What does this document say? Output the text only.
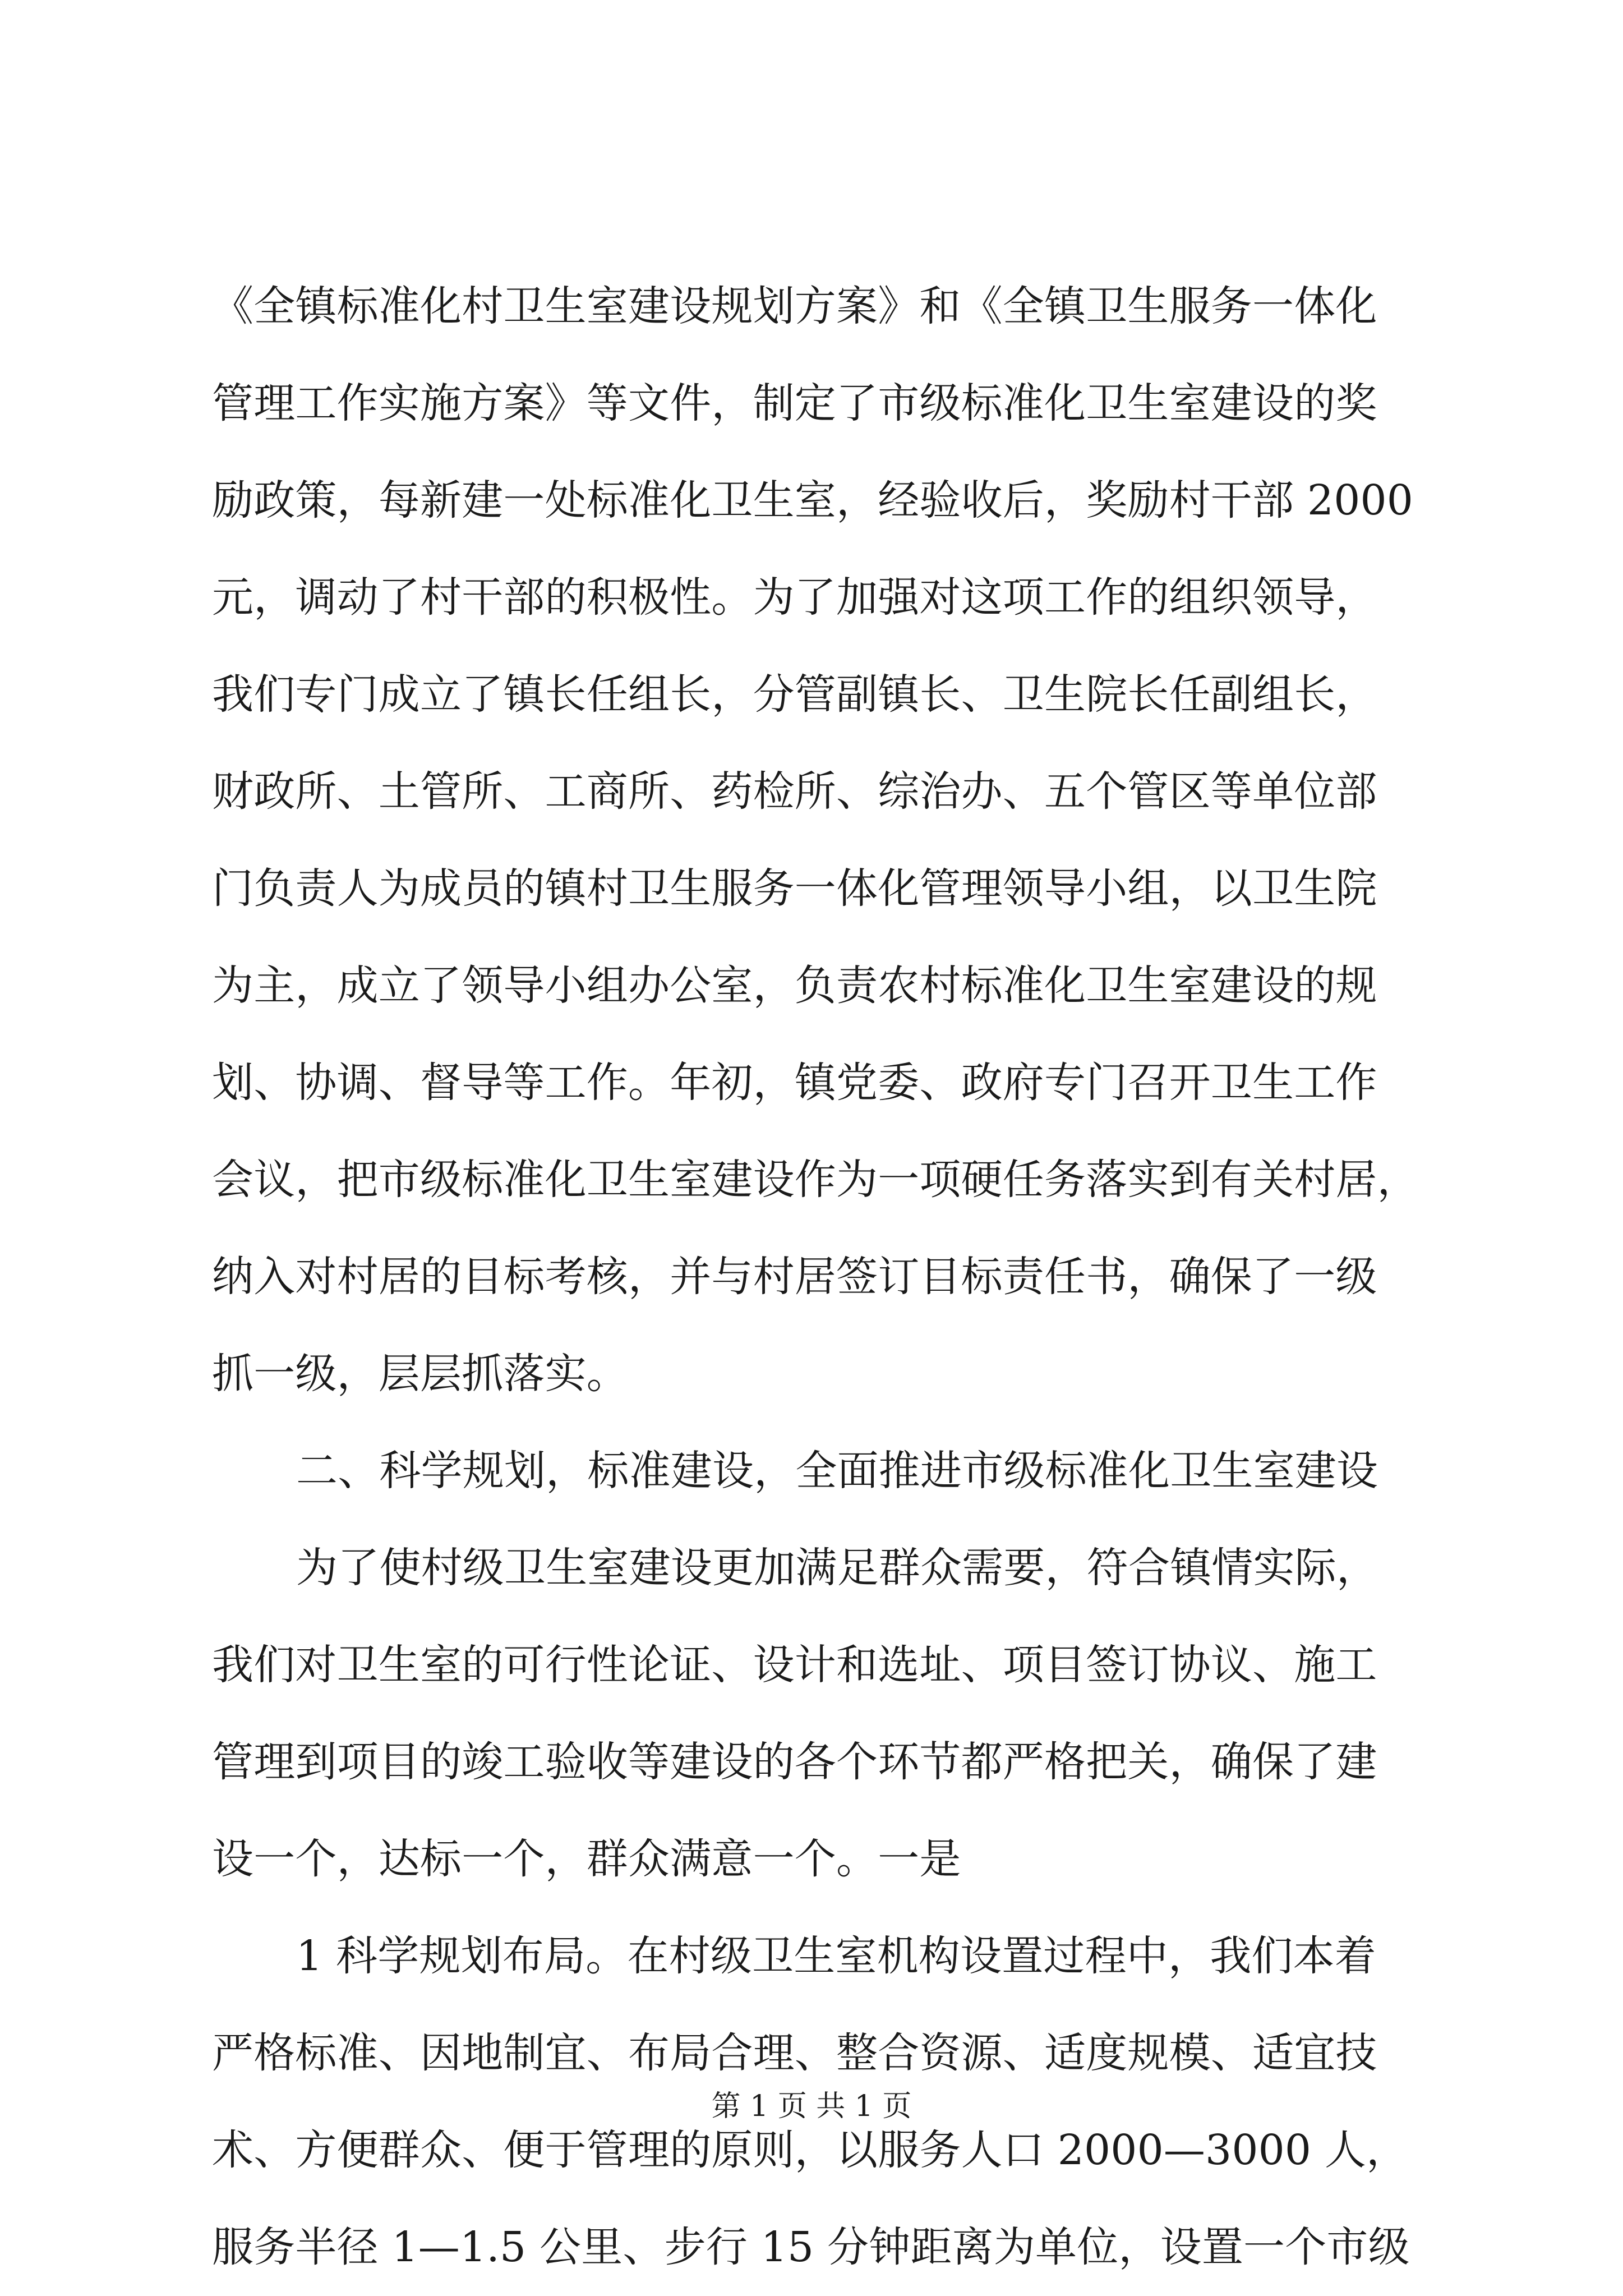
《全镇标准化村卫生室建设规划方案》和《全镇卫生服务一体化
管理工作实施方案》等文件，制定了市级标准化卫生室建设的奖
励政策，每新建一处标准化卫生室，经验收后，奖励村干部 2000
元，调动了村干部的积极性。为了加强对这项工作的组织领导，
我们专门成立了镇长任组长，分管副镇长、卫生院长任副组长，
财政所、土管所、工商所、药检所、综治办、五个管区等单位部
门负责人为成员的镇村卫生服务一体化管理领导小组，以卫生院
为主，成立了领导小组办公室，负责农村标准化卫生室建设的规
划、协调、督导等工作。年初，镇党委、政府专门召开卫生工作
会议，把市级标准化卫生室建设作为一项硬任务落实到有关村居，
纳入对村居的目标考核，并与村居签订目标责任书，确保了一级
抓一级，层层抓落实。
二、科学规划，标准建设，全面推进市级标准化卫生室建设
为了使村级卫生室建设更加满足群众需要，符合镇情实际，
我们对卫生室的可行性论证、设计和选址、项目签订协议、施工
管理到项目的竣工验收等建设的各个环节都严格把关，确保了建
设一个，达标一个，群众满意一个。一是
1 科学规划布局。在村级卫生室机构设置过程中，我们本着
严格标准、因地制宜、布局合理、整合资源、适度规模、适宜技
术、方便群众、便于管理的原则，以服务人口 2000—3000 人，
服务半径 1—1.5 公里、步行 15 分钟距离为单位，设置一个市级
第 1 页 共 1 页
